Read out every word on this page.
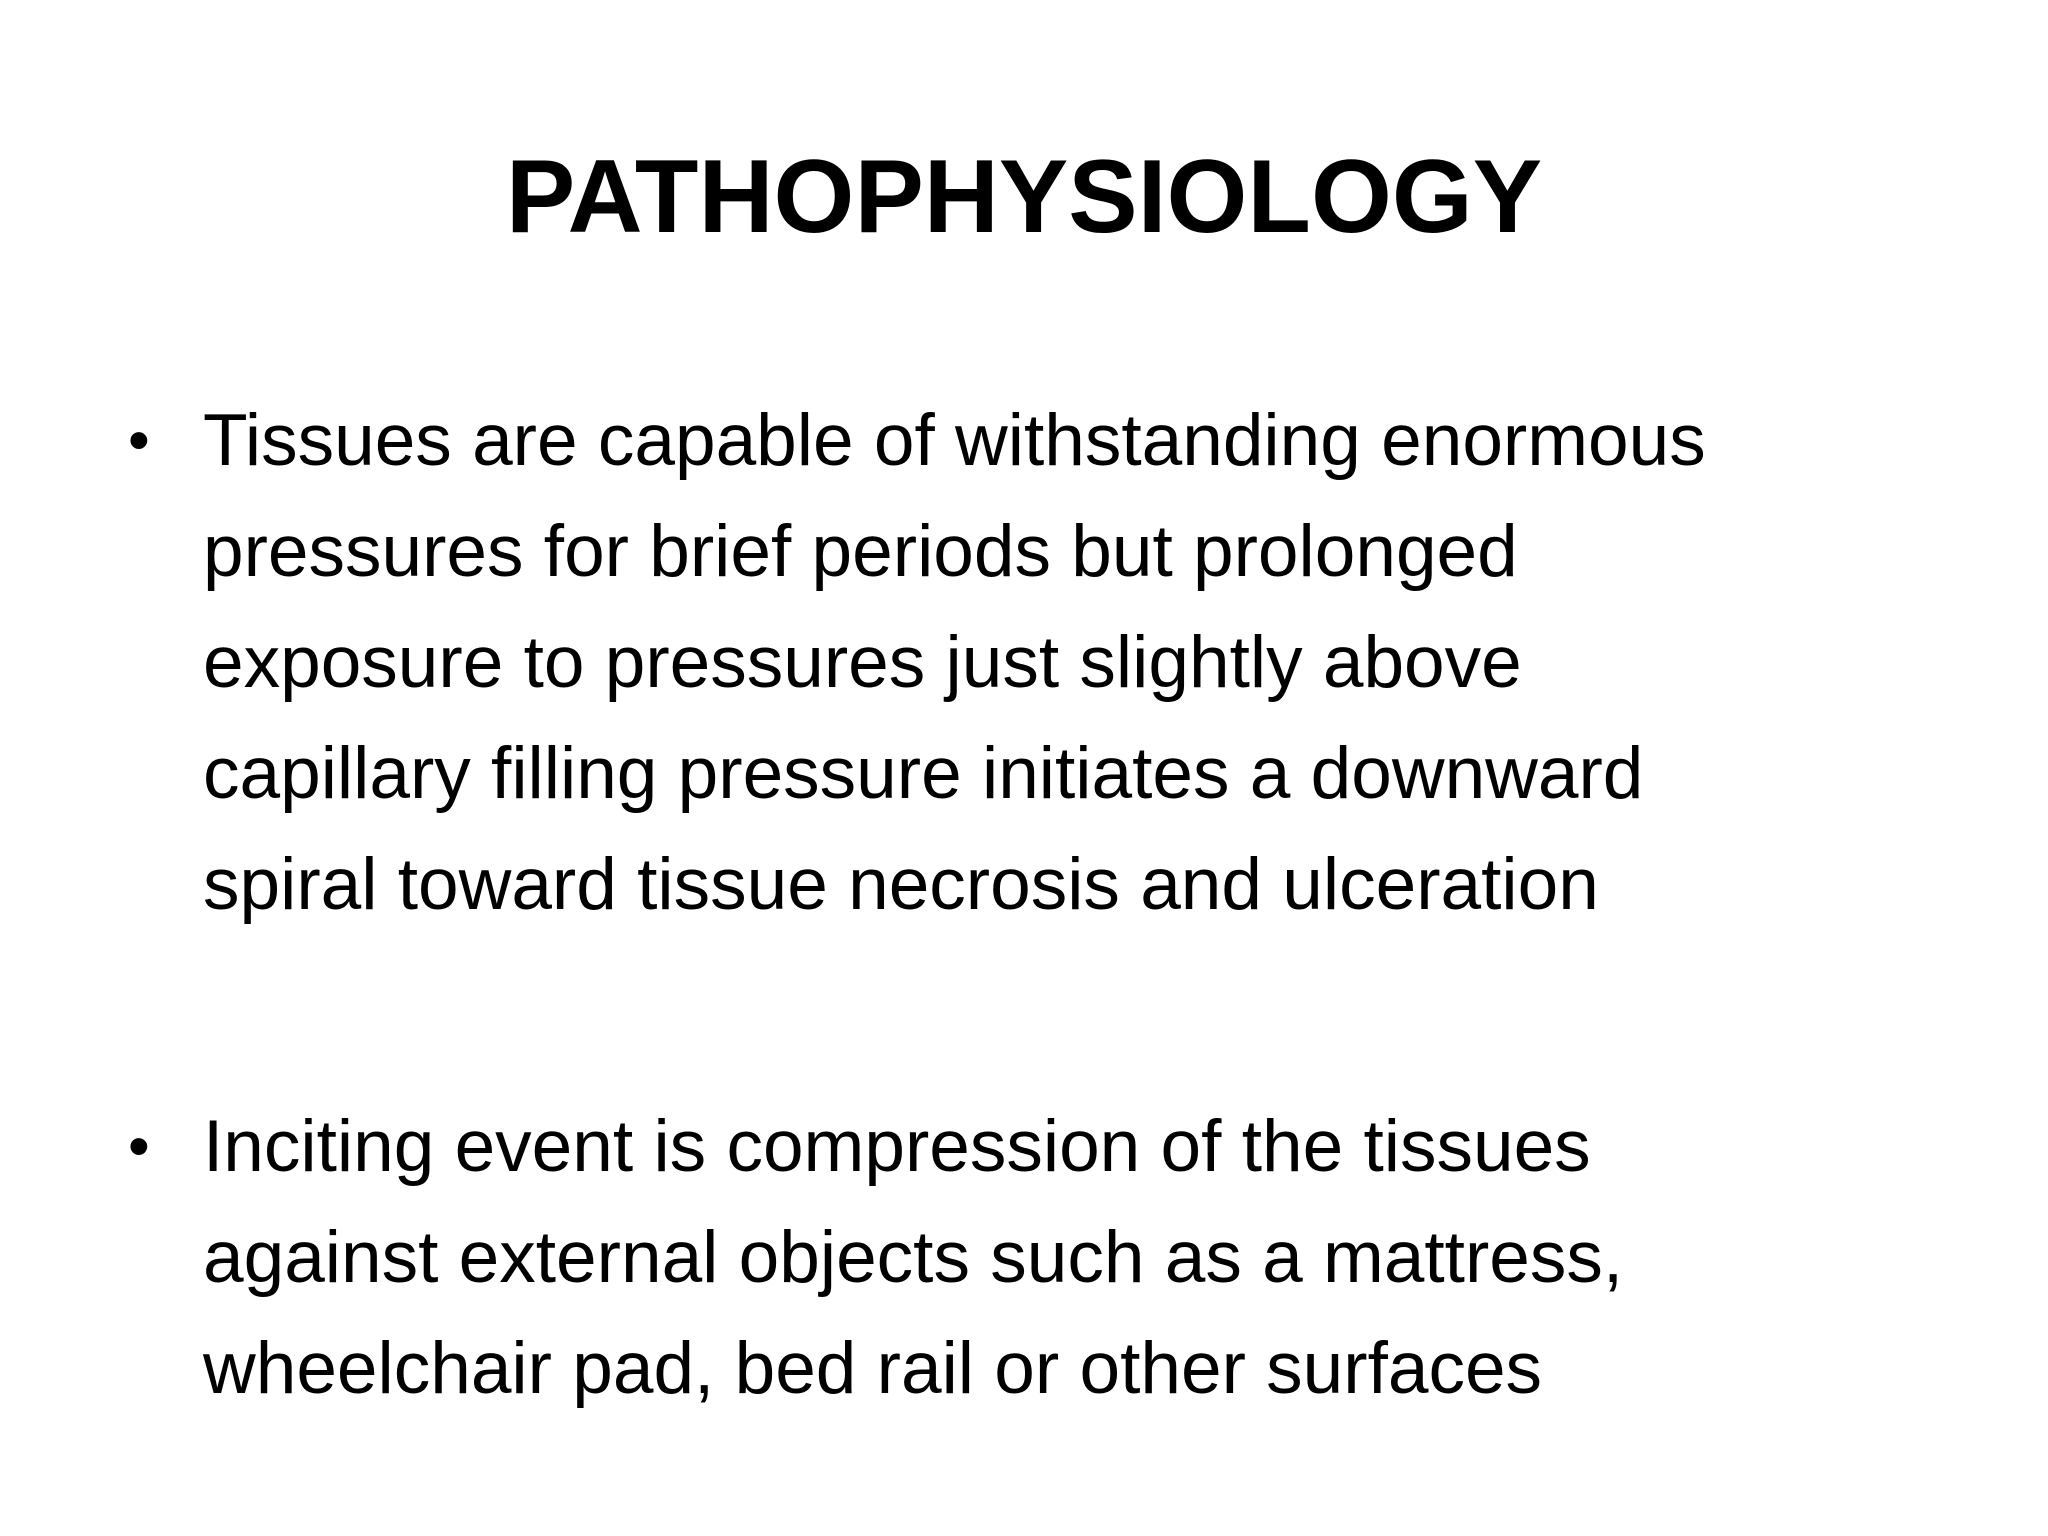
PATHOPHYSIOLOGY
• Tissues are capable of withstanding enormous
pressures for brief periods but prolonged
exposure to pressures just slightly above
capillary filling pressure initiates a downward
spiral toward tissue necrosis and ulceration
• Inciting event is compression of the tissues
against external objects such as a mattress,
wheelchair pad, bed rail or other surfaces
